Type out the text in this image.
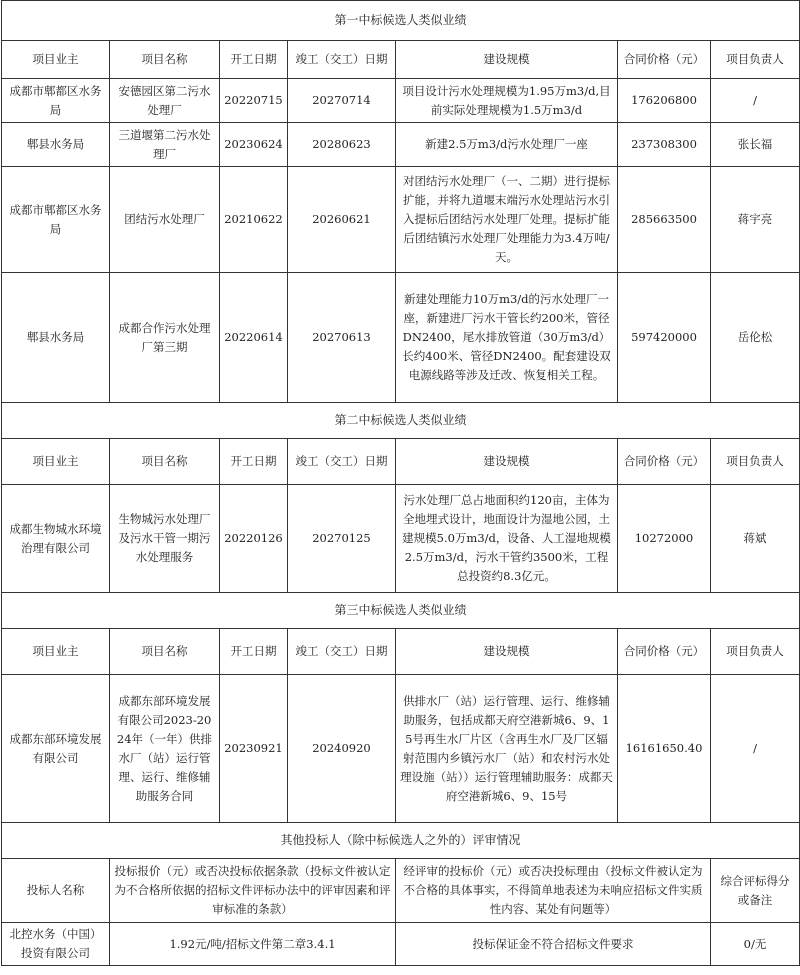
第一中标候选人类似业绩						
项目业主	项目名称	开工日期	竣工（交工）日期	建设规模	合同价格（元）	项目负责人
成都市郫都区水务局	安德园区第二污水处理厂	20220715	20270714	项目设计污水处理规模为1.95万m3/d,目前实际处理规模为1.5万m3/d	176206800	/
郫县水务局	三道堰第二污水处理厂	20230624	20280623	新建2.5万m3/d污水处理厂一座	237308300	张长福
成都市郫都区水务局	团结污水处理厂	20210622	20260621	对团结污水处理厂（一、二期）进行提标扩能，并将九道堰末端污水处理站污水引入提标后团结污水处理厂处理。提标扩能后团结镇污水处理厂处理能力为3.4万吨/天。	285663500	蒋宇亮
郫县水务局	成都合作污水处理厂第三期	20220614	20270613	新建处理能力10万m3/d的污水处理厂一座，新建进厂污水干管长约200米，管径DN2400，尾水排放管道（30万m3/d）长约400米、管径DN2400。配套建设双电源线路等涉及迁改、恢复相关工程。	597420000	岳伦松
第二中标候选人类似业绩						
项目业主	项目名称	开工日期	竣工（交工）日期	建设规模	合同价格（元）	项目负责人
成都生物城水环境治理有限公司	生物城污水处理厂及污水干管一期污水处理服务	20220126	20270125	污水处理厂总占地面积约120亩，主体为全地埋式设计，地面设计为湿地公园，土建规模5.0万m3/d，设备、人工湿地规模2.5万m3/d，污水干管约3500米，工程总投资约8.3亿元。	10272000	蒋斌
第三中标候选人类似业绩						
项目业主	项目名称	开工日期	竣工（交工）日期	建设规模	合同价格（元）	项目负责人
成都东部环境发展有限公司	成都东部环境发展有限公司2023-2024年（一年）供排水厂（站）运行管理、运行、维修辅助服务合同	20230921	20240920	供排水厂（站）运行管理、运行、维修辅助服务，包括成都天府空港新城6、9、15号再生水厂片区（含再生水厂及厂区辐射范围内乡镇污水厂（站）和农村污水处理设施（站））运行管理辅助服务：成都天府空港新城6、9、15号	16161650.40	/
其他投标人（除中标候选人之外的）评审情况						
投标人名称	投标报价（元）或否决投标依据条款（投标文件被认定为不合格所依据的招标文件评标办法中的评审因素和评审标准的条款）			经评审的投标价（元）或否决投标理由（投标文件被认定为不合格的具体事实，不得简单地表述为未响应招标文件实质性内容、某处有问题等）		综合评标得分或备注
北控水务（中国）投资有限公司	1.92元/吨/招标文件第二章3.4.1			投标保证金不符合招标文件要求		0/无
